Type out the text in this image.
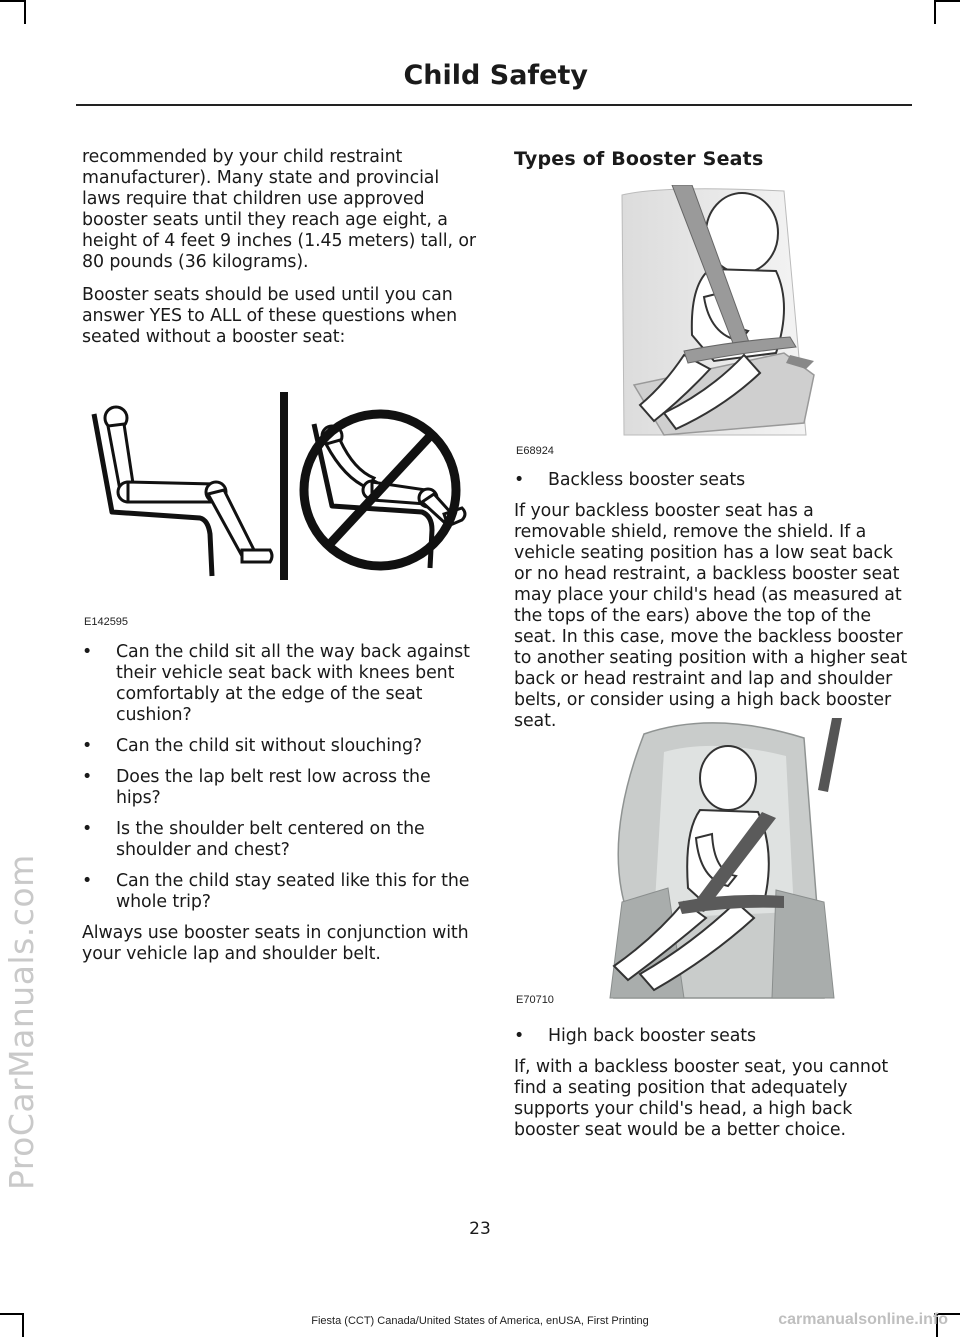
ProCarManuals.com
Child Safety

recommended by your child restraint manufacturer). Many state and provincial laws require that children use approved booster seats until they reach age eight, a height of 4 feet 9 inches (1.45 meters) tall, or 80 pounds (36 kilograms).

Booster seats should be used until you can answer YES to ALL of these questions when seated without a booster seat:

E142595
• Can the child sit all the way back against their vehicle seat back with knees bent comfortably at the edge of the seat cushion?
• Can the child sit without slouching?
• Does the lap belt rest low across the hips?
• Is the shoulder belt centered on the shoulder and chest?
• Can the child stay seated like this for the whole trip?

Always use booster seats in conjunction with your vehicle lap and shoulder belt.

Types of Booster Seats
E68924
• Backless booster seats

If your backless booster seat has a removable shield, remove the shield. If a vehicle seating position has a low seat back or no head restraint, a backless booster seat may place your child's head (as measured at the tops of the ears) above the top of the seat. In this case, move the backless booster to another seating position with a higher seat back or head restraint and lap and shoulder belts, or consider using a high back booster seat.

E70710
• High back booster seats

If, with a backless booster seat, you cannot find a seating position that adequately supports your child's head, a high back booster seat would be a better choice.

23
Fiesta (CCT) Canada/United States of America, enUSA, First Printing	carmanualsonline.info
